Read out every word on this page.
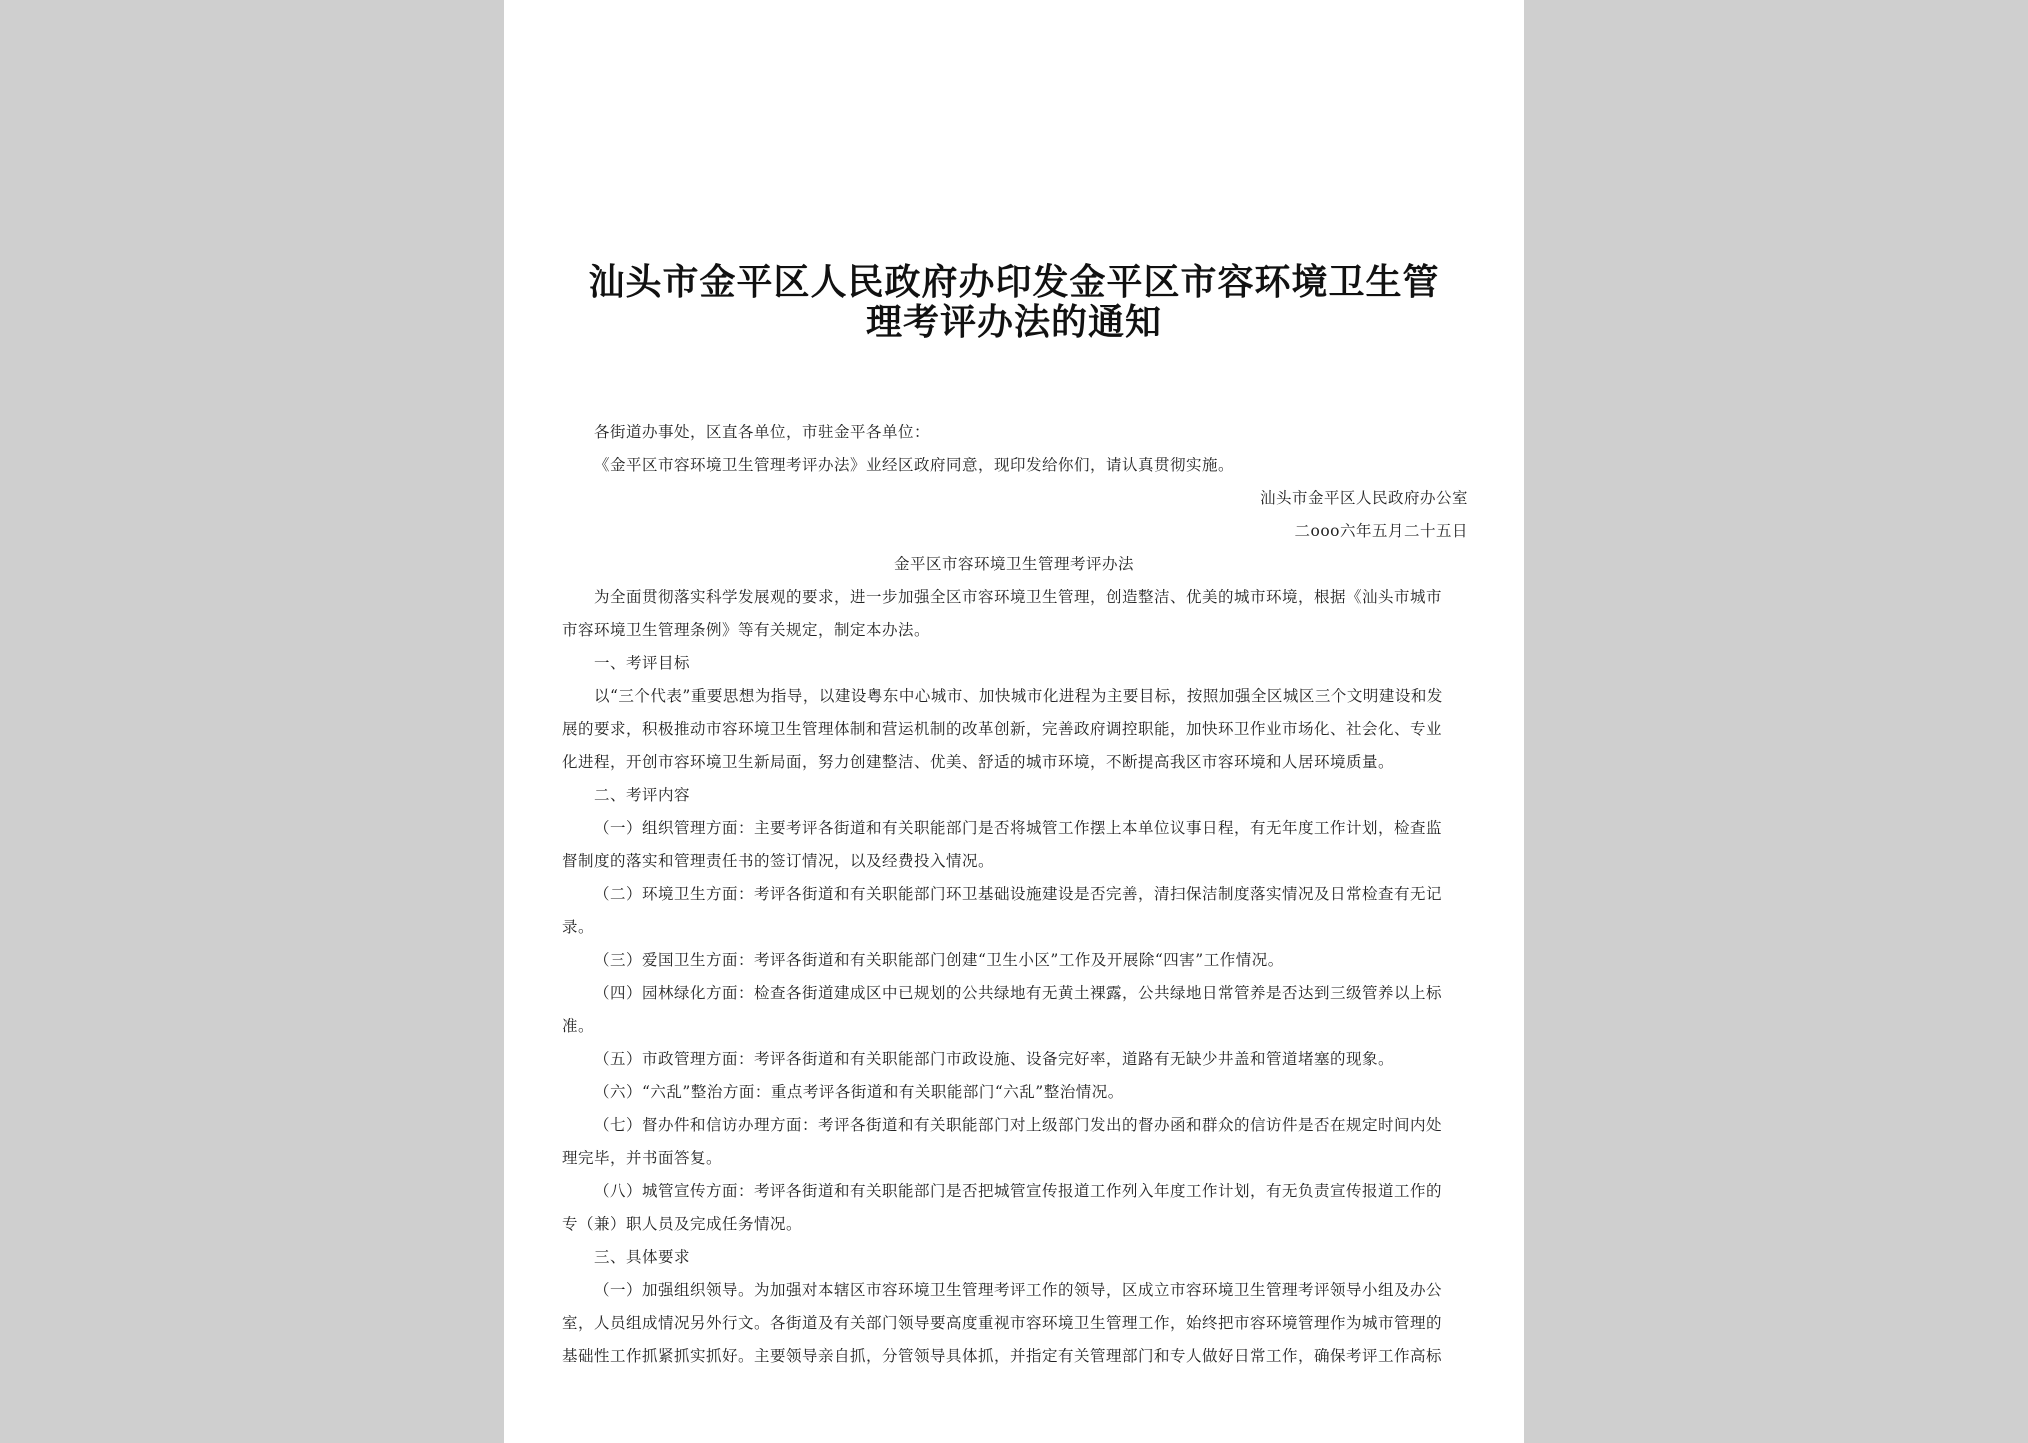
汕头市金平区人民政府办印发金平区市容环境卫生管
理考评办法的通知
各街道办事处，区直各单位，市驻金平各单位：
《金平区市容环境卫生管理考评办法》业经区政府同意，现印发给你们，请认真贯彻实施。
汕头市金平区人民政府办公室
二ooo六年五月二十五日
金平区市容环境卫生管理考评办法
为全面贯彻落实科学发展观的要求，进一步加强全区市容环境卫生管理，创造整洁、优美的城市环境，根据《汕头市城市
市容环境卫生管理条例》等有关规定，制定本办法。
一、考评目标
以“三个代表”重要思想为指导，以建设粤东中心城市、加快城市化进程为主要目标，按照加强全区城区三个文明建设和发
展的要求，积极推动市容环境卫生管理体制和营运机制的改革创新，完善政府调控职能，加快环卫作业市场化、社会化、专业
化进程，开创市容环境卫生新局面，努力创建整洁、优美、舒适的城市环境，不断提高我区市容环境和人居环境质量。
二、考评内容
（一）组织管理方面：主要考评各街道和有关职能部门是否将城管工作摆上本单位议事日程，有无年度工作计划，检查监
督制度的落实和管理责任书的签订情况，以及经费投入情况。
（二）环境卫生方面：考评各街道和有关职能部门环卫基础设施建设是否完善，清扫保洁制度落实情况及日常检查有无记
录。
（三）爱国卫生方面：考评各街道和有关职能部门创建“卫生小区”工作及开展除“四害”工作情况。
（四）园林绿化方面：检查各街道建成区中已规划的公共绿地有无黄土裸露，公共绿地日常管养是否达到三级管养以上标
准。
（五）市政管理方面：考评各街道和有关职能部门市政设施、设备完好率，道路有无缺少井盖和管道堵塞的现象。
（六）“六乱”整治方面：重点考评各街道和有关职能部门“六乱”整治情况。
（七）督办件和信访办理方面：考评各街道和有关职能部门对上级部门发出的督办函和群众的信访件是否在规定时间内处
理完毕，并书面答复。
（八）城管宣传方面：考评各街道和有关职能部门是否把城管宣传报道工作列入年度工作计划，有无负责宣传报道工作的
专（兼）职人员及完成任务情况。
三、具体要求
（一）加强组织领导。为加强对本辖区市容环境卫生管理考评工作的领导，区成立市容环境卫生管理考评领导小组及办公
室，人员组成情况另外行文。各街道及有关部门领导要高度重视市容环境卫生管理工作，始终把市容环境管理作为城市管理的
基础性工作抓紧抓实抓好。主要领导亲自抓，分管领导具体抓，并指定有关管理部门和专人做好日常工作，确保考评工作高标
